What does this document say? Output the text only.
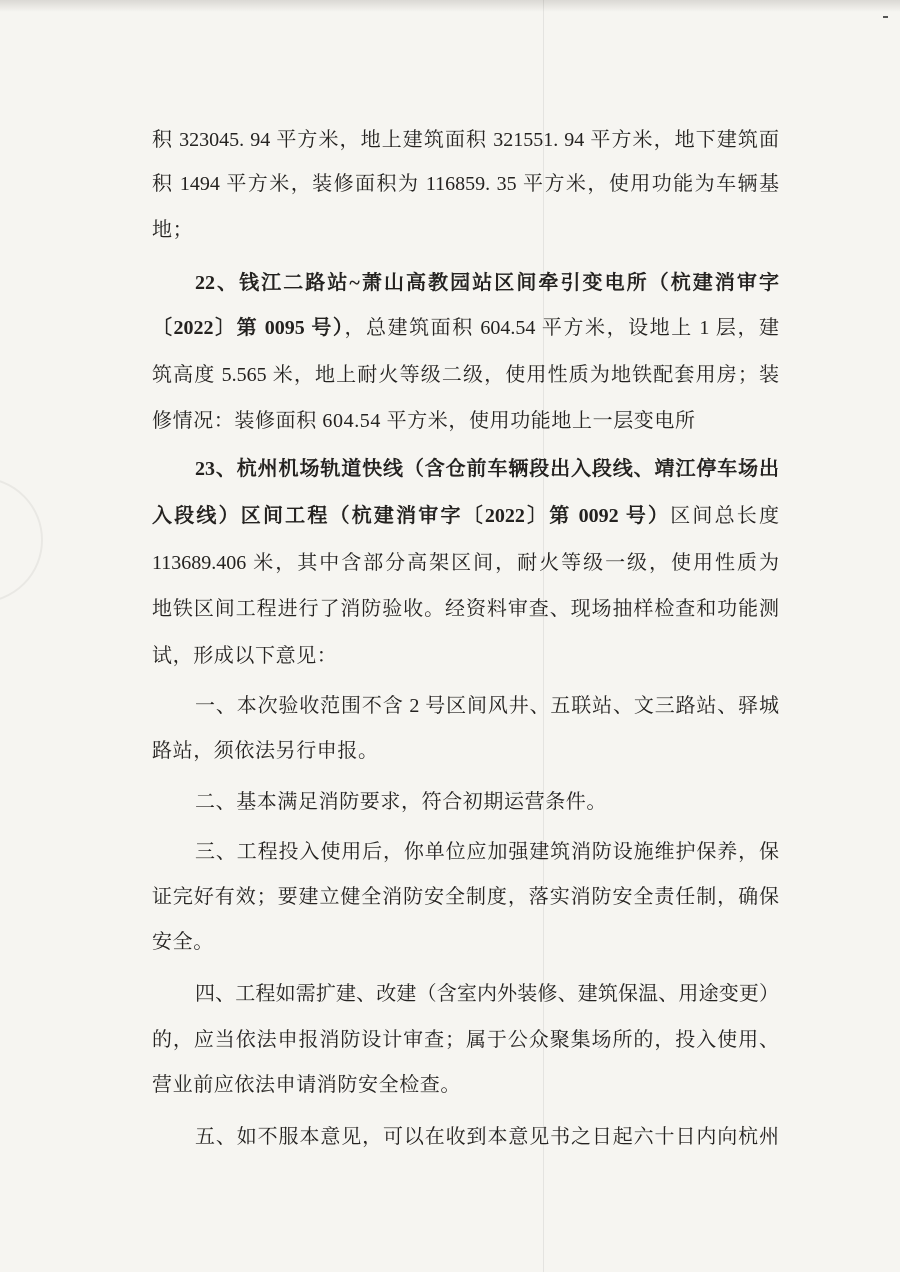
积 323045. 94 平方米，地上建筑面积 321551. 94 平方米，地下建筑面
积 1494 平方米，装修面积为 116859. 35 平方米，使用功能为车辆基
地；
22、钱江二路站~萧山高教园站区间牵引变电所（杭建消审字
〔2022〕第 0095 号），总建筑面积 604.54 平方米，设地上 1 层，建
筑高度 5.565 米，地上耐火等级二级，使用性质为地铁配套用房；装
修情况：装修面积 604.54 平方米，使用功能地上一层变电所
23、杭州机场轨道快线（含仓前车辆段出入段线、靖江停车场出
入段线）区间工程（杭建消审字〔2022〕第 0092 号）区间总长度
113689.406 米，其中含部分高架区间，耐火等级一级，使用性质为
地铁区间工程进行了消防验收。经资料审查、现场抽样检查和功能测
试，形成以下意见：
一、本次验收范围不含 2 号区间风井、五联站、文三路站、驿城
路站，须依法另行申报。
二、基本满足消防要求，符合初期运营条件。
三、工程投入使用后，你单位应加强建筑消防设施维护保养，保
证完好有效；要建立健全消防安全制度，落实消防安全责任制，确保
安全。
四、工程如需扩建、改建（含室内外装修、建筑保温、用途变更）
的，应当依法申报消防设计审查；属于公众聚集场所的，投入使用、
营业前应依法申请消防安全检查。
五、如不服本意见，可以在收到本意见书之日起六十日内向杭州
